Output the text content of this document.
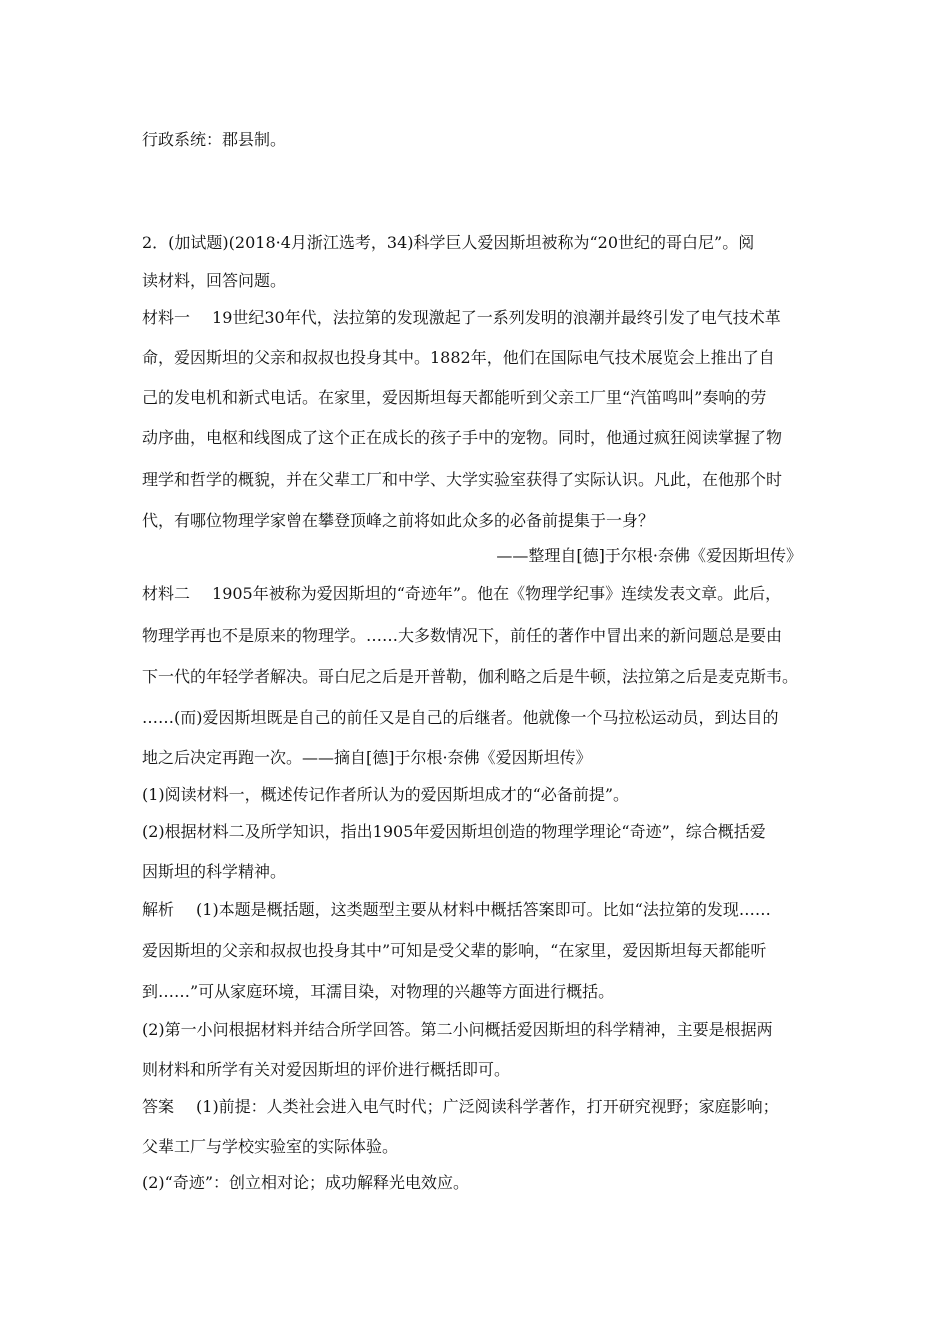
行政系统：郡县制。
2．(加试题)(2018·4月浙江选考，34)科学巨人爱因斯坦被称为“20世纪的哥白尼”。阅
读材料，回答问题。
材料一 19世纪30年代，法拉第的发现激起了一系列发明的浪潮并最终引发了电气技术革
命，爱因斯坦的父亲和叔叔也投身其中。1882年，他们在国际电气技术展览会上推出了自
己的发电机和新式电话。在家里，爱因斯坦每天都能听到父亲工厂里“汽笛鸣叫”奏响的劳
动序曲，电枢和线图成了这个正在成长的孩子手中的宠物。同时，他通过疯狂阅读掌握了物
理学和哲学的概貌，并在父辈工厂和中学、大学实验室获得了实际认识。凡此，在他那个时
代，有哪位物理学家曾在攀登顶峰之前将如此众多的必备前提集于一身？
——整理自[德]于尔根·奈佛《爱因斯坦传》
材料二 1905年被称为爱因斯坦的“奇迹年”。他在《物理学纪事》连续发表文章。此后，
物理学再也不是原来的物理学。……大多数情况下，前任的著作中冒出来的新问题总是要由
下一代的年轻学者解决。哥白尼之后是开普勒，伽利略之后是牛顿，法拉第之后是麦克斯韦。
……(而)爱因斯坦既是自己的前任又是自己的后继者。他就像一个马拉松运动员，到达目的
地之后决定再跑一次。——摘自[德]于尔根·奈佛《爱因斯坦传》
(1)阅读材料一，概述传记作者所认为的爱因斯坦成才的“必备前提”。
(2)根据材料二及所学知识，指出1905年爱因斯坦创造的物理学理论“奇迹”，综合概括爱
因斯坦的科学精神。
解析 (1)本题是概括题，这类题型主要从材料中概括答案即可。比如“法拉第的发现……
爱因斯坦的父亲和叔叔也投身其中”可知是受父辈的影响，“在家里，爱因斯坦每天都能听
到……”可从家庭环境，耳濡目染，对物理的兴趣等方面进行概括。
(2)第一小问根据材料并结合所学回答。第二小问概括爱因斯坦的科学精神，主要是根据两
则材料和所学有关对爱因斯坦的评价进行概括即可。
答案 (1)前提：人类社会进入电气时代；广泛阅读科学著作，打开研究视野；家庭影响；
父辈工厂与学校实验室的实际体验。
(2)“奇迹”：创立相对论；成功解释光电效应。
